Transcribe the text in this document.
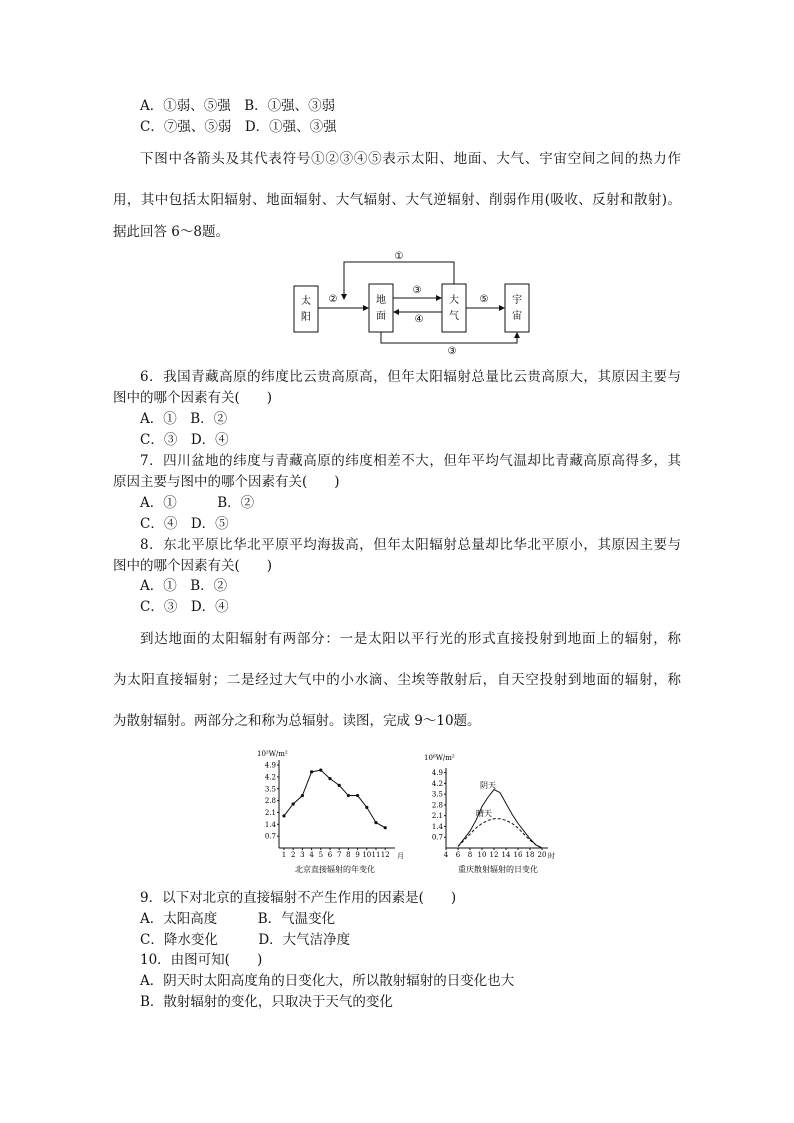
A．①弱、⑤强　B．①强、③弱
C．⑦强、⑤弱　D．①强、③强
下图中各箭头及其代表符号①②③④⑤表示太阳、地面、大气、宇宙空间之间的热力作
用，其中包括太阳辐射、地面辐射、大气辐射、大气逆辐射、削弱作用(吸收、反射和散射)。
据此回答 6～8题。
太
阳
地
面
大
气
宇
宙
①
②
③
④
⑤
③
6．我国青藏高原的纬度比云贵高原高，但年太阳辐射总量比云贵高原大，其原因主要与
图中的哪个因素有关(　　)
A．①　B．②
C．③　D．④
7．四川盆地的纬度与青藏高原的纬度相差不大，但年平均气温却比青藏高原高得多，其
原因主要与图中的哪个因素有关(　　)
A．①　　　B．②
C．④　D．⑤
8．东北平原比华北平原平均海拔高，但年太阳辐射总量却比华北平原小，其原因主要与
图中的哪个因素有关(　　)
A．①　B．②
C．③　D．④
到达地面的太阳辐射有两部分：一是太阳以平行光的形式直接投射到地面上的辐射，称
为太阳直接辐射；二是经过大气中的小水滴、尘埃等散射后，自天空投射到地面的辐射，称
为散射辐射。两部分之和称为总辐射。读图，完成 9～10题。
10²W/m²
4.9
4.2
3.5
2.8
2.1
1.4
0.7
1 2 3 4 5 6 7 8 9 10 11 12 月
北京直接辐射的年变化
10⁶W/m²
4.9
4.2
3.5
2.8
2.1
1.4
0.7
4 6 8 10 12 14 16 18 20
阴天
晴天
时
重庆散射辐射的日变化
9．以下对北京的直接辐射不产生作用的因素是(　　)
A．太阳高度　　　B．气温变化
C．降水变化　　　D．大气洁净度
10．由图可知(　　)
A．阴天时太阳高度角的日变化大，所以散射辐射的日变化也大
B．散射辐射的变化，只取决于天气的变化
